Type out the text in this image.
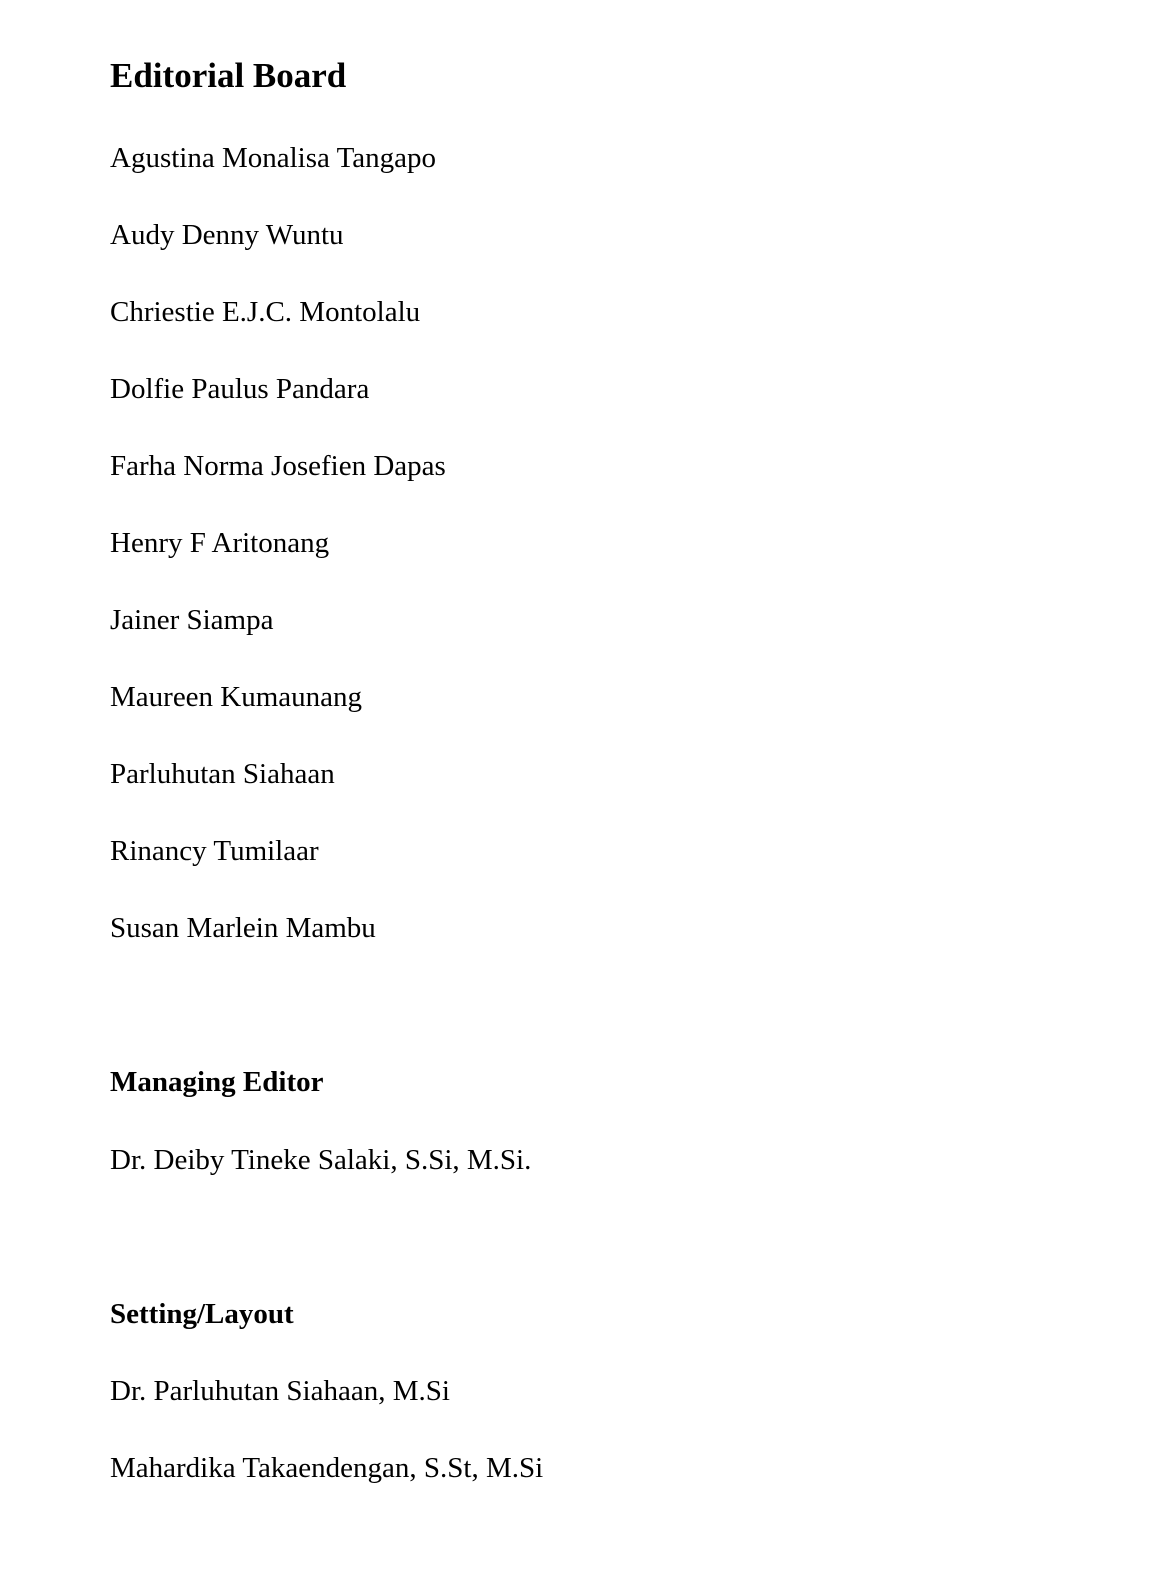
Editorial Board

Agustina Monalisa Tangapo

Audy Denny Wuntu

Chriestie E.J.C. Montolalu

Dolfie Paulus Pandara

Farha Norma Josefien Dapas

Henry F Aritonang

Jainer Siampa

Maureen Kumaunang

Parluhutan Siahaan

Rinancy Tumilaar

Susan Marlein Mambu

Managing Editor

Dr. Deiby Tineke Salaki, S.Si, M.Si.

Setting/Layout

Dr. Parluhutan Siahaan, M.Si

Mahardika Takaendengan, S.St, M.Si
